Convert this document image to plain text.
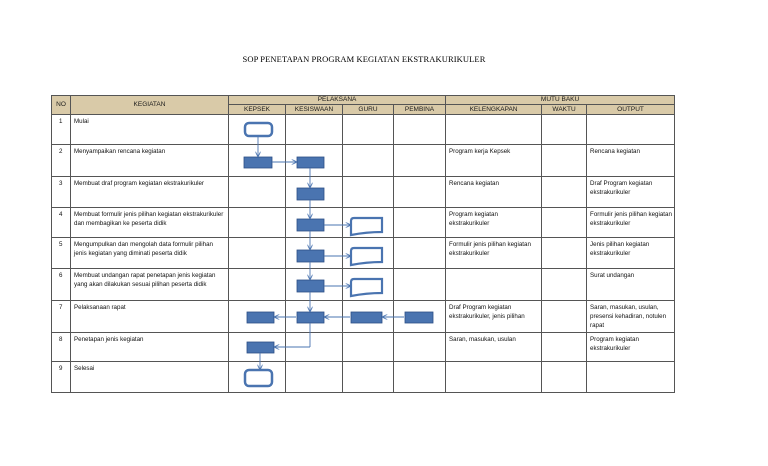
SOP PENETAPAN PROGRAM KEGIATAN EKSTRAKURIKULER
NO	KEGIATAN	PELAKSANA				MUTU BAKU		
		KEPSEK	KESISWAAN	GURU	PEMBINA	KELENGKAPAN	WAKTU	OUTPUT
1	Mulai							
2	Menyampaikan rencana kegiatan					Program kerja Kepsek		Rencana kegiatan
3	Membuat draf program kegiatan ekstrakurikuler					Rencana kegiatan		Draf Program kegiatan ekstrakurikuler
4	Membuat formulir jenis pilihan kegiatan ekstrakurikuler dan membagikan ke peserta didik					Program kegiatan ekstrakurikuler		Formulir jenis pilihan kegiatan ekstrakurikuler
5	Mengumpulkan dan mengolah data formulir pilihan jenis kegiatan yang diminati peserta didik					Formulir jenis pilihan kegiatan ekstrakurikuler		Jenis pilihan kegiatan ekstrakurikuler
6	Membuat undangan rapat penetapan jenis kegiatan yang akan dilakukan sesuai pilihan peserta didik							Surat undangan
7	Pelaksanaan rapat					Draf Program kegiatan ekstrakurikuler, jenis pilihan		Saran, masukan, usulan, presensi kehadiran, notulen rapat
8	Penetapan jenis kegiatan					Saran, masukan, usulan		Program kegiatan ekstrakurikuler
9	Selesai							
